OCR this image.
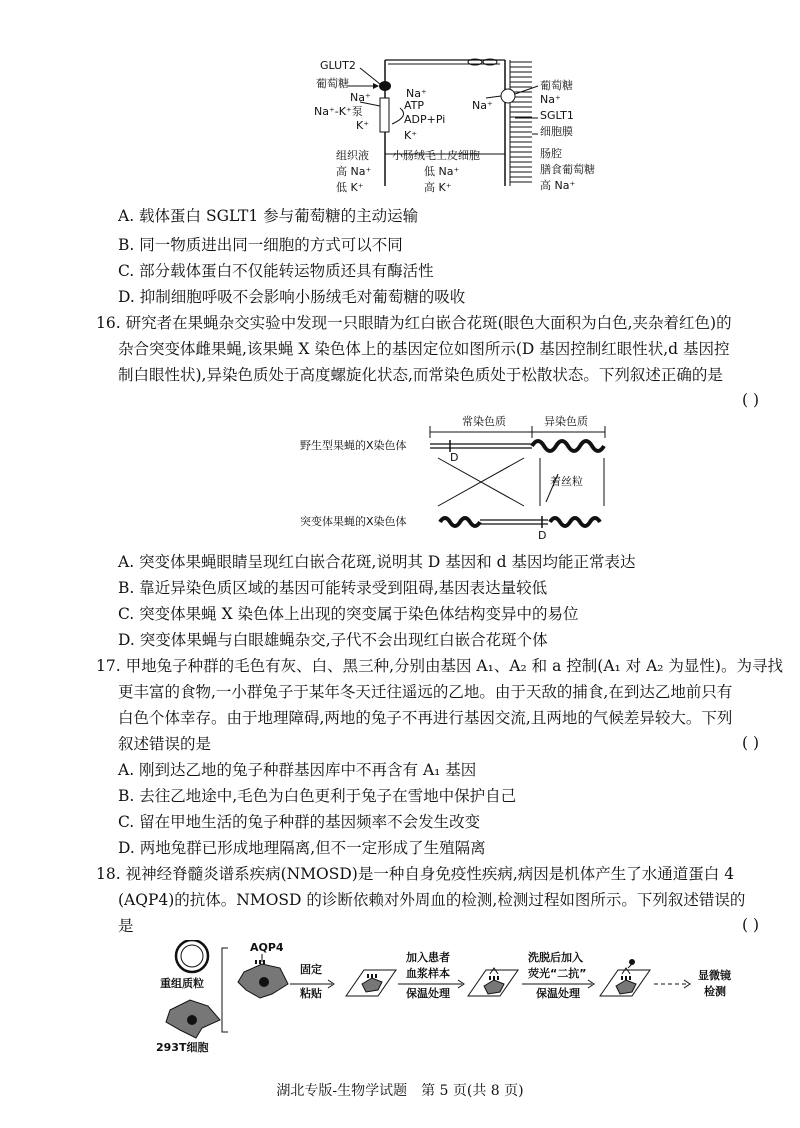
GLUT2
葡萄糖
Na⁺
Na⁺-K⁺泵
K⁺
Na⁺
ATP
ADP+Pi
K⁺
Na⁺
葡萄糖
Na⁺
SGLT1
细胞膜
组织液 小肠绒毛上皮细胞	肠腔
膳食葡萄糖
高 Na⁺
低 K⁺
低 Na⁺
高 K⁺	高 Na⁺
A. 载体蛋白 SGLT1 参与葡萄糖的主动运输
B. 同一物质进出同一细胞的方式可以不同
C. 部分载体蛋白不仅能转运物质还具有酶活性
D. 抑制细胞呼吸不会影响小肠绒毛对葡萄糖的吸收
16. 研究者在果蝇杂交实验中发现一只眼睛为红白嵌合花斑(眼色大面积为白色,夹杂着红色)的
杂合突变体雌果蝇,该果蝇 X 染色体上的基因定位如图所示(D 基因控制红眼性状,d 基因控
制白眼性状),异染色质处于高度螺旋化状态,而常染色质处于松散状态。下列叙述正确的是
( )
常染色质	异染色质
野生型果蝇的X染色体
D
着丝粒
突变体果蝇的X染色体
D
A. 突变体果蝇眼睛呈现红白嵌合花斑,说明其 D 基因和 d 基因均能正常表达
B. 靠近异染色质区域的基因可能转录受到阻碍,基因表达量较低
C. 突变体果蝇 X 染色体上出现的突变属于染色体结构变异中的易位
D. 突变体果蝇与白眼雄蝇杂交,子代不会出现红白嵌合花斑个体
17. 甲地兔子种群的毛色有灰、白、黑三种,分别由基因 A₁、A₂ 和 a 控制(A₁ 对 A₂ 为显性)。为寻找
更丰富的食物,一小群兔子于某年冬天迁往遥远的乙地。由于天敌的捕食,在到达乙地前只有
白色个体幸存。由于地理障碍,两地的兔子不再进行基因交流,且两地的气候差异较大。下列
叙述错误的是	( )
A. 刚到达乙地的兔子种群基因库中不再含有 A₁ 基因
B. 去往乙地途中,毛色为白色更利于兔子在雪地中保护自己
C. 留在甲地生活的兔子种群的基因频率不会发生改变
D. 两地兔群已形成地理隔离,但不一定形成了生殖隔离
18. 视神经脊髓炎谱系疾病(NMOSD)是一种自身免疫性疾病,病因是机体产生了水通道蛋白 4
(AQP4)的抗体。NMOSD 的诊断依赖对外周血的检测,检测过程如图所示。下列叙述错误的
是	( )
重组质粒
293T细胞
AQP4
固定
粘贴
加入患者
血浆样本
保温处理
洗脱后加入
荧光“二抗”
保温处理
显微镜
检测
湖北专版-生物学试题　第 5 页(共 8 页)
